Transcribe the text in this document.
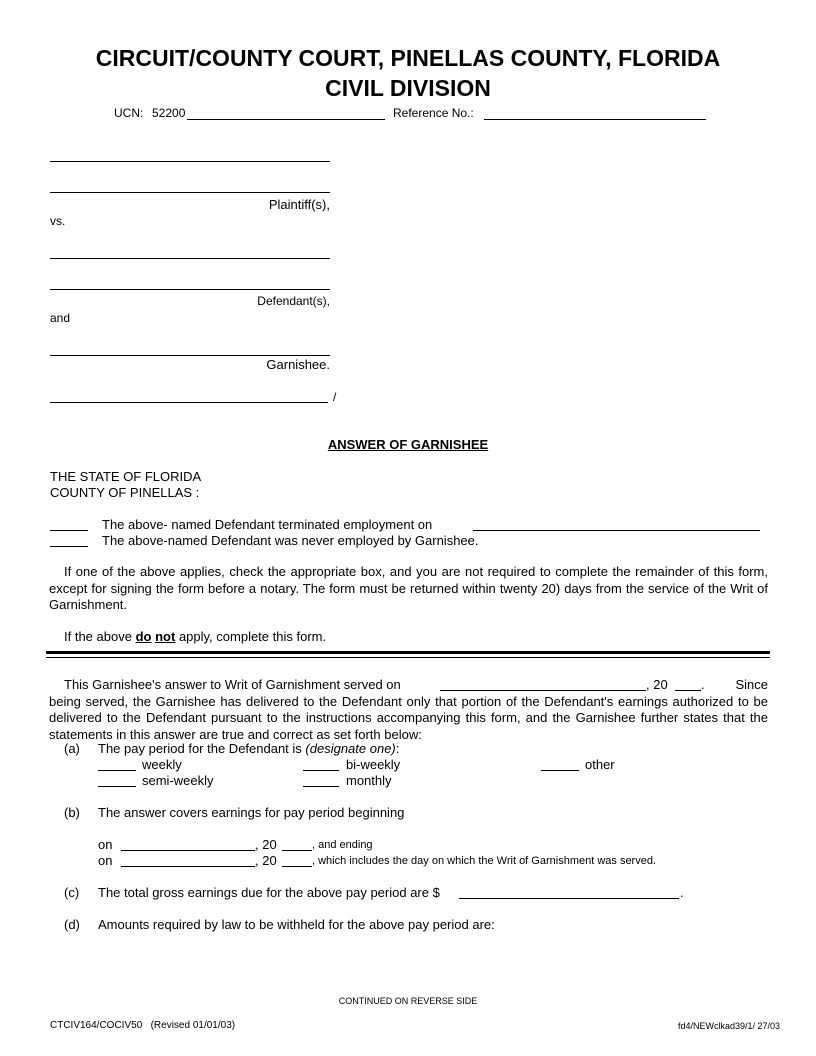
CIRCUIT/COUNTY COURT, PINELLAS COUNTY, FLORIDA
CIVIL DIVISION
UCN: 52200	Reference No.:
Plaintiff(s),
vs.
Defendant(s),
and
Garnishee.
/
ANSWER OF GARNISHEE
THE STATE OF FLORIDA
COUNTY OF PINELLAS :
The above- named Defendant terminated employment on
The above-named Defendant was never employed by Garnishee.
If one of the above applies, check the appropriate box, and you are not required to complete the remainder of this form, except for signing the form before a notary. The form must be returned within twenty 20) days from the service of the Writ of Garnishment.
If the above do not apply, complete this form.
This Garnishee's answer to Writ of Garnishment served on	, 20	. Since being served, the Garnishee has delivered to the Defendant only that portion of the Defendant's earnings authorized to be delivered to the Defendant pursuant to the instructions accompanying this form, and the Garnishee further states that the statements in this answer are true and correct as set forth below:
(a) The pay period for the Defendant is (designate one):
weekly	bi-weekly	other
semi-weekly	monthly
(b) The answer covers earnings for pay period beginning
on	, 20	, and ending
on	, 20	, which includes the day on which the Writ of Garnishment was served.
(c) The total gross earnings due for the above pay period are $	.
(d) Amounts required by law to be withheld for the above pay period are:
CONTINUED ON REVERSE SIDE
CTCIV164/COCIV50   (Revised 01/01/03)	fd4/NEWclkad39/1/ 27/03
